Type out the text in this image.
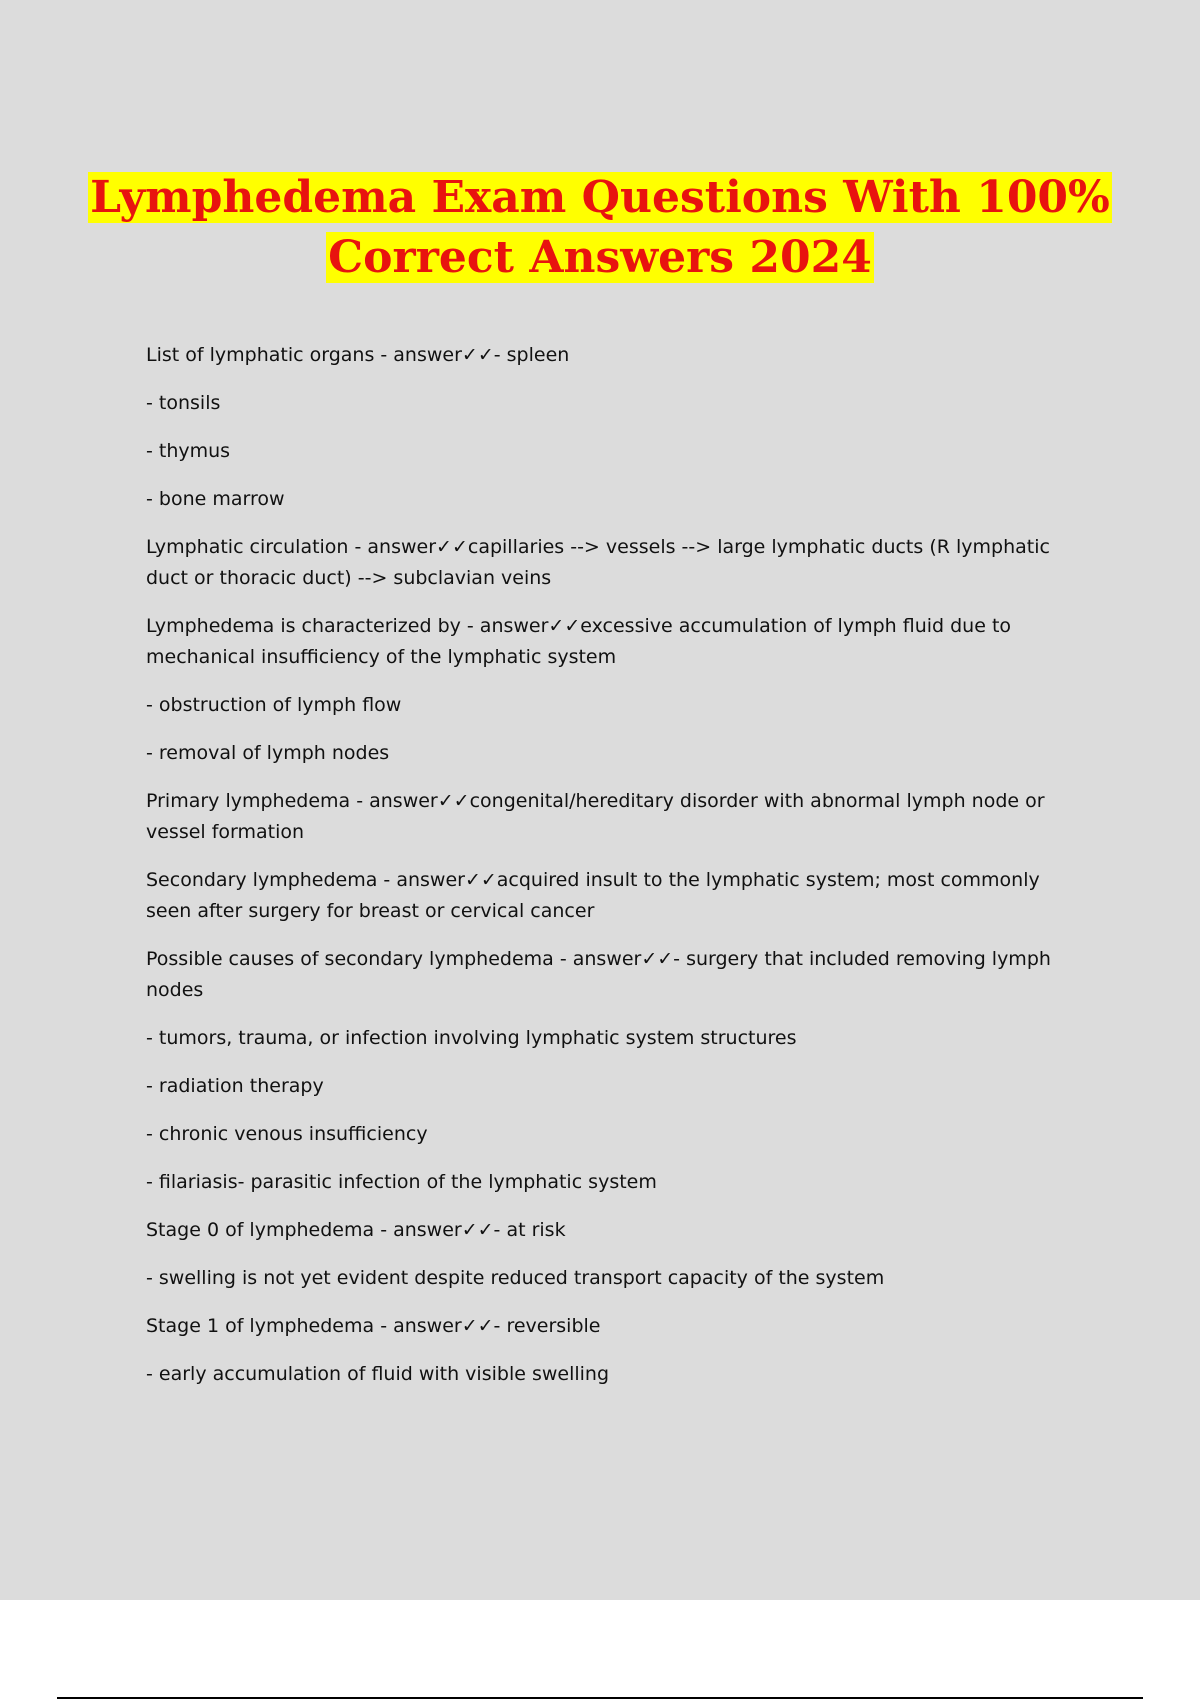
Lymphedema Exam Questions With 100%
Correct Answers 2024

List of lymphatic organs - answer✓✓- spleen

- tonsils

- thymus

- bone marrow

Lymphatic circulation - answer✓✓capillaries --> vessels --> large lymphatic ducts (R lymphatic duct or thoracic duct) --> subclavian veins

Lymphedema is characterized by - answer✓✓excessive accumulation of lymph fluid due to mechanical insufficiency of the lymphatic system

- obstruction of lymph flow

- removal of lymph nodes

Primary lymphedema - answer✓✓congenital/hereditary disorder with abnormal lymph node or vessel formation

Secondary lymphedema - answer✓✓acquired insult to the lymphatic system; most commonly seen after surgery for breast or cervical cancer

Possible causes of secondary lymphedema - answer✓✓- surgery that included removing lymph nodes

- tumors, trauma, or infection involving lymphatic system structures

- radiation therapy

- chronic venous insufficiency

- filariasis- parasitic infection of the lymphatic system

Stage 0 of lymphedema - answer✓✓- at risk

- swelling is not yet evident despite reduced transport capacity of the system

Stage 1 of lymphedema - answer✓✓- reversible

- early accumulation of fluid with visible swelling
